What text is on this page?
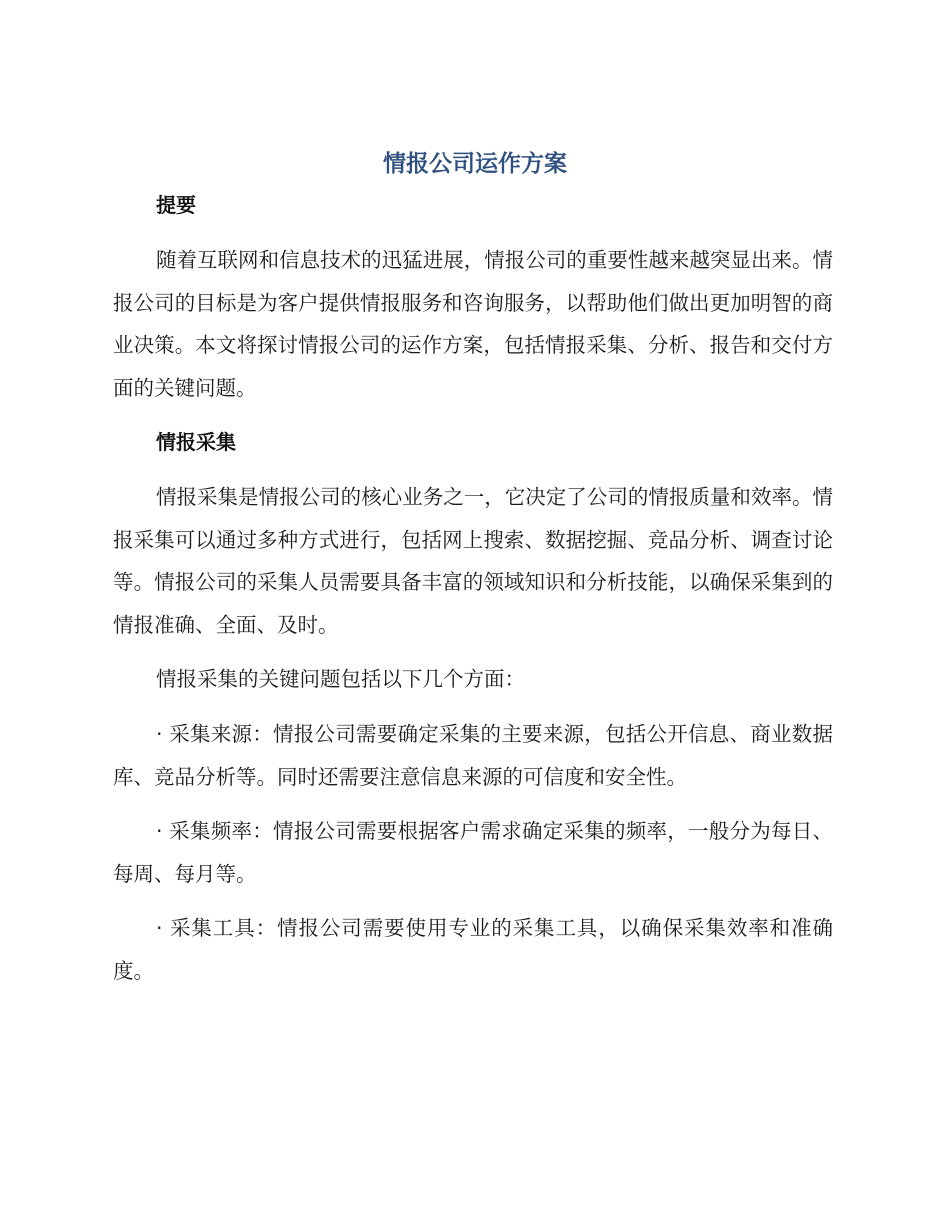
情报公司运作方案
提要

随着互联网和信息技术的迅猛进展，情报公司的重要性越来越突显出来。情报公司的目标是为客户提供情报服务和咨询服务，以帮助他们做出更加明智的商业决策。本文将探讨情报公司的运作方案，包括情报采集、分析、报告和交付方面的关键问题。

情报采集

情报采集是情报公司的核心业务之一，它决定了公司的情报质量和效率。情报采集可以通过多种方式进行，包括网上搜索、数据挖掘、竞品分析、调查讨论等。情报公司的采集人员需要具备丰富的领域知识和分析技能，以确保采集到的情报准确、全面、及时。

情报采集的关键问题包括以下几个方面：

· 采集来源：情报公司需要确定采集的主要来源，包括公开信息、商业数据库、竞品分析等。同时还需要注意信息来源的可信度和安全性。

· 采集频率：情报公司需要根据客户需求确定采集的频率，一般分为每日、每周、每月等。

· 采集工具：情报公司需要使用专业的采集工具，以确保采集效率和准确度。
